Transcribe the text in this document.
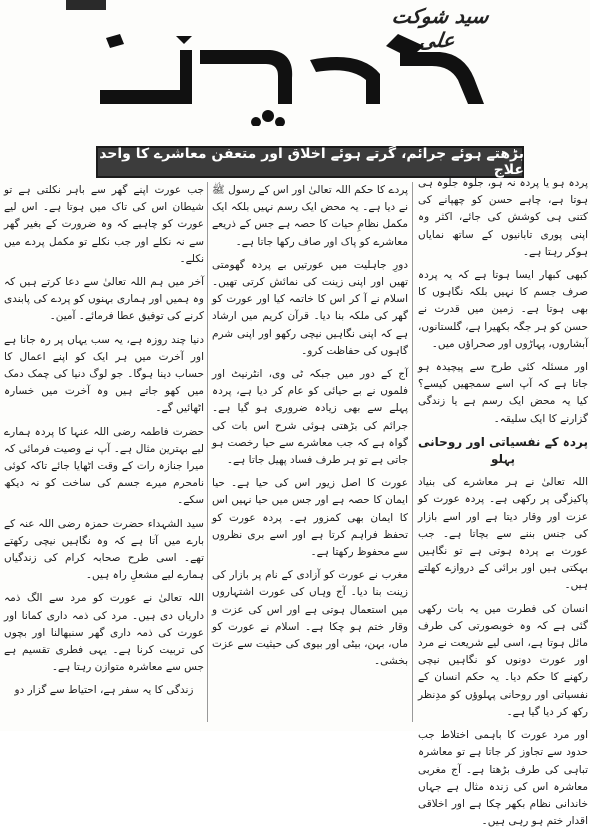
سید شوکت علی
بڑھتے ہوئے جرائم، گرتے ہوئے اخلاق اور متعفن معاشرے کا واحد علاج

پردہ ہو یا پردہ نہ ہو، جلوہ جلوہ ہی ہوتا ہے، چاہے حسن کو چھپانے کی کتنی ہی کوشش کی جائے، اکثر وہ اپنی پوری تابانیوں کے ساتھ نمایاں ہوکر رہتا ہے۔

کبھی کبھار ایسا ہوتا ہے کہ یہ پردہ صرف جسم کا نہیں بلکہ نگاہوں کا بھی ہوتا ہے۔ زمین میں قدرت نے حسن کو ہر جگہ بکھیرا ہے، گلستانوں، آبشاروں، پہاڑوں اور صحراؤں میں۔

اور مسئلہ کئی طرح سے پیچیدہ ہو جاتا ہے کہ آپ اسے سمجھیں کیسے؟ کیا یہ محض ایک رسم ہے یا زندگی گزارنے کا ایک سلیقہ۔

پردہ کے نفسیاتی اور روحانی پہلو

اللہ تعالیٰ نے ہر معاشرے کی بنیاد پاکیزگی پر رکھی ہے۔ پردہ عورت کو عزت اور وقار دیتا ہے اور اسے بازار کی جنس بننے سے بچاتا ہے۔ جب عورت بے پردہ ہوتی ہے تو نگاہیں بہکتی ہیں اور برائی کے دروازے کھلتے ہیں۔

انسان کی فطرت میں یہ بات رکھی گئی ہے کہ وہ خوبصورتی کی طرف مائل ہوتا ہے، اسی لیے شریعت نے مرد اور عورت دونوں کو نگاہیں نیچی رکھنے کا حکم دیا۔ یہ حکم انسان کے نفسیاتی اور روحانی پہلوؤں کو مدِنظر رکھ کر دیا گیا ہے۔

اور مرد عورت کا باہمی اختلاط جب حدود سے تجاوز کر جاتا ہے تو معاشرہ تباہی کی طرف بڑھتا ہے۔ آج مغربی معاشرہ اس کی زندہ مثال ہے جہاں خاندانی نظام بکھر چکا ہے اور اخلاقی اقدار ختم ہو رہی ہیں۔

پردے کا حکم اللہ تعالیٰ اور اس کے رسول ﷺ نے دیا ہے۔ یہ محض ایک رسم نہیں بلکہ ایک مکمل نظامِ حیات کا حصہ ہے جس کے ذریعے معاشرے کو پاک اور صاف رکھا جاتا ہے۔

دورِ جاہلیت میں عورتیں بے پردہ گھومتی تھیں اور اپنی زینت کی نمائش کرتی تھیں۔ اسلام نے آ کر اس کا خاتمہ کیا اور عورت کو گھر کی ملکہ بنا دیا۔ قرآن کریم میں ارشاد ہے کہ اپنی نگاہیں نیچی رکھو اور اپنی شرم گاہوں کی حفاظت کرو۔

آج کے دور میں جبکہ ٹی وی، انٹرنیٹ اور فلموں نے بے حیائی کو عام کر دیا ہے، پردہ پہلے سے بھی زیادہ ضروری ہو گیا ہے۔ جرائم کی بڑھتی ہوئی شرح اس بات کی گواہ ہے کہ جب معاشرے سے حیا رخصت ہو جاتی ہے تو ہر طرف فساد پھیل جاتا ہے۔

عورت کا اصل زیور اس کی حیا ہے۔ حیا ایمان کا حصہ ہے اور جس میں حیا نہیں اس کا ایمان بھی کمزور ہے۔ پردہ عورت کو تحفظ فراہم کرتا ہے اور اسے بری نظروں سے محفوظ رکھتا ہے۔

مغرب نے عورت کو آزادی کے نام پر بازار کی زینت بنا دیا۔ آج وہاں کی عورت اشتہاروں میں استعمال ہوتی ہے اور اس کی عزت و وقار ختم ہو چکا ہے۔ اسلام نے عورت کو ماں، بہن، بیٹی اور بیوی کی حیثیت سے عزت بخشی۔

جب عورت اپنے گھر سے باہر نکلتی ہے تو شیطان اس کی تاک میں ہوتا ہے۔ اس لیے عورت کو چاہیے کہ وہ ضرورت کے بغیر گھر سے نہ نکلے اور جب نکلے تو مکمل پردے میں نکلے۔

آخر میں ہم اللہ تعالیٰ سے دعا کرتے ہیں کہ وہ ہمیں اور ہماری بہنوں کو پردے کی پابندی کرنے کی توفیق عطا فرمائے۔ آمین۔

دنیا چند روزہ ہے، یہ سب یہاں پر رہ جانا ہے اور آخرت میں ہر ایک کو اپنے اعمال کا حساب دینا ہوگا۔ جو لوگ دنیا کی چمک دمک میں کھو جاتے ہیں وہ آخرت میں خسارہ اٹھائیں گے۔

حضرت فاطمہ رضی اللہ عنہا کا پردہ ہمارے لیے بہترین مثال ہے۔ آپ نے وصیت فرمائی کہ میرا جنازہ رات کے وقت اٹھایا جائے تاکہ کوئی نامحرم میرے جسم کی ساخت کو نہ دیکھ سکے۔

سید الشہداء حضرت حمزہ رضی اللہ عنہ کے بارے میں آتا ہے کہ وہ نگاہیں نیچی رکھتے تھے۔ اسی طرح صحابہ کرام کی زندگیاں ہمارے لیے مشعلِ راہ ہیں۔

اللہ تعالیٰ نے عورت کو مرد سے الگ ذمہ داریاں دی ہیں۔ مرد کی ذمہ داری کمانا اور عورت کی ذمہ داری گھر سنبھالنا اور بچوں کی تربیت کرنا ہے۔ یہی فطری تقسیم ہے جس سے معاشرہ متوازن رہتا ہے۔

زندگی کا یہ سفر ہے، احتیاط سے گزار دو
